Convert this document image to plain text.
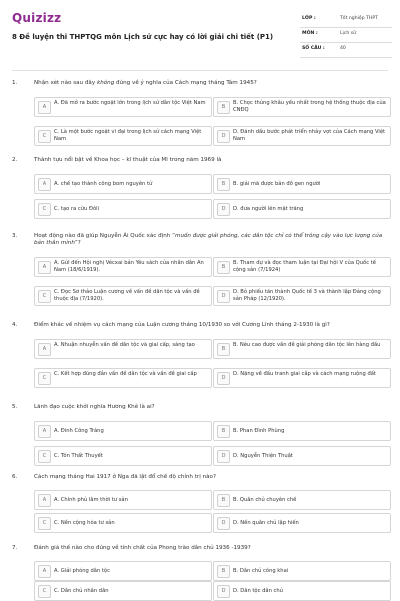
Quizizz
8 Đề luyện thi THPTQG môn Lịch sử cực hay có lời giải chi tiết (P1)
LỚP :	Tốt nghiệp THPT
MÔN :	Lịch sử
SỐ CÂU :	40
1.	Nhận xét nào sau đây không đúng về ý nghĩa của Cách mạng tháng Tám 1945?
A
A. Đã mở ra bước ngoặt lớn trong lịch sử dân tộc Việt Nam
B
B. Chọc thủng khâu yếu nhất trong hệ thống thuộc địa của CNĐQ
C
C. Là một bước ngoặt vĩ đại trong lịch sử cách mạng Việt Nam	D
D. Đánh dấu bước phát triển nhảy vọt của Cách mạng Việt Nam
2.	Thành tựu nổi bật về Khoa học – kĩ thuật của Mĩ trong năm 1969 là
A	A. chế tạo thành công bom nguyên tử	B	B. giải mã được bản đồ gen người
C	C. tạo ra cừu Đôli	D	D. đưa người lên mặt trăng
3.	Hoạt động nào đã giúp Nguyễn Ái Quốc xác định “muốn được giải phóng, các dân tộc chỉ có thể trông cậy vào lực lượng của bản thân mình”?
A
A. Gửi đến Hội nghị Vécxai bản Yêu sách của nhân dân An Nam (18/6/1919).	B
B. Tham dự và đọc tham luận tại Đại hội V của Quốc tế cộng sản (7/1924)
C
C. Đọc Sơ thảo Luận cương về vấn đề dân tộc và vấn đề thuộc địa (7/1920).	D
D. Bỏ phiếu tán thành Quốc tế 3 và thành lập Đảng cộng sản Pháp (12/1920).
4.	Điểm khác về nhiệm vụ cách mạng của Luận cương tháng 10/1930 so với Cương Lĩnh tháng 2-1930 là gì?
A
A. Nhuận nhuyễn vấn đề dân tộc và giai cấp, sáng tạo
B
B. Nêu cao được vấn đề giải phóng dân tộc lên hàng đầu
C
C. Kết hợp đúng đắn vấn đề dân tộc và vấn đề giai cấp
D
D. Nặng về đấu tranh giai cấp và cách mạng ruộng đất
5.	Lãnh đạo cuộc khởi nghĩa Hương Khê là ai?
A	A. Đinh Công Tráng	B	B. Phan Đình Phùng
C	C. Tôn Thất Thuyết	D	D. Nguyễn Thiện Thuật
6.	Cách mạng tháng Hai 1917 ở Nga đã lật đổ chế độ chính trị nào?
A	A. Chính phủ lâm thời tư sản	B	B. Quân chủ chuyên chế
C	C. Nền cộng hòa tư sản	D	D. Nền quân chủ lập hiến
7.	Đánh giá thế nào cho đúng về tính chất của Phong trào dân chủ 1936 -1939?
A	A. Giải phóng dân tộc	B	B. Dân chủ công khai
C	C. Dân chủ nhân dân	D	D. Dân tộc dân chủ
